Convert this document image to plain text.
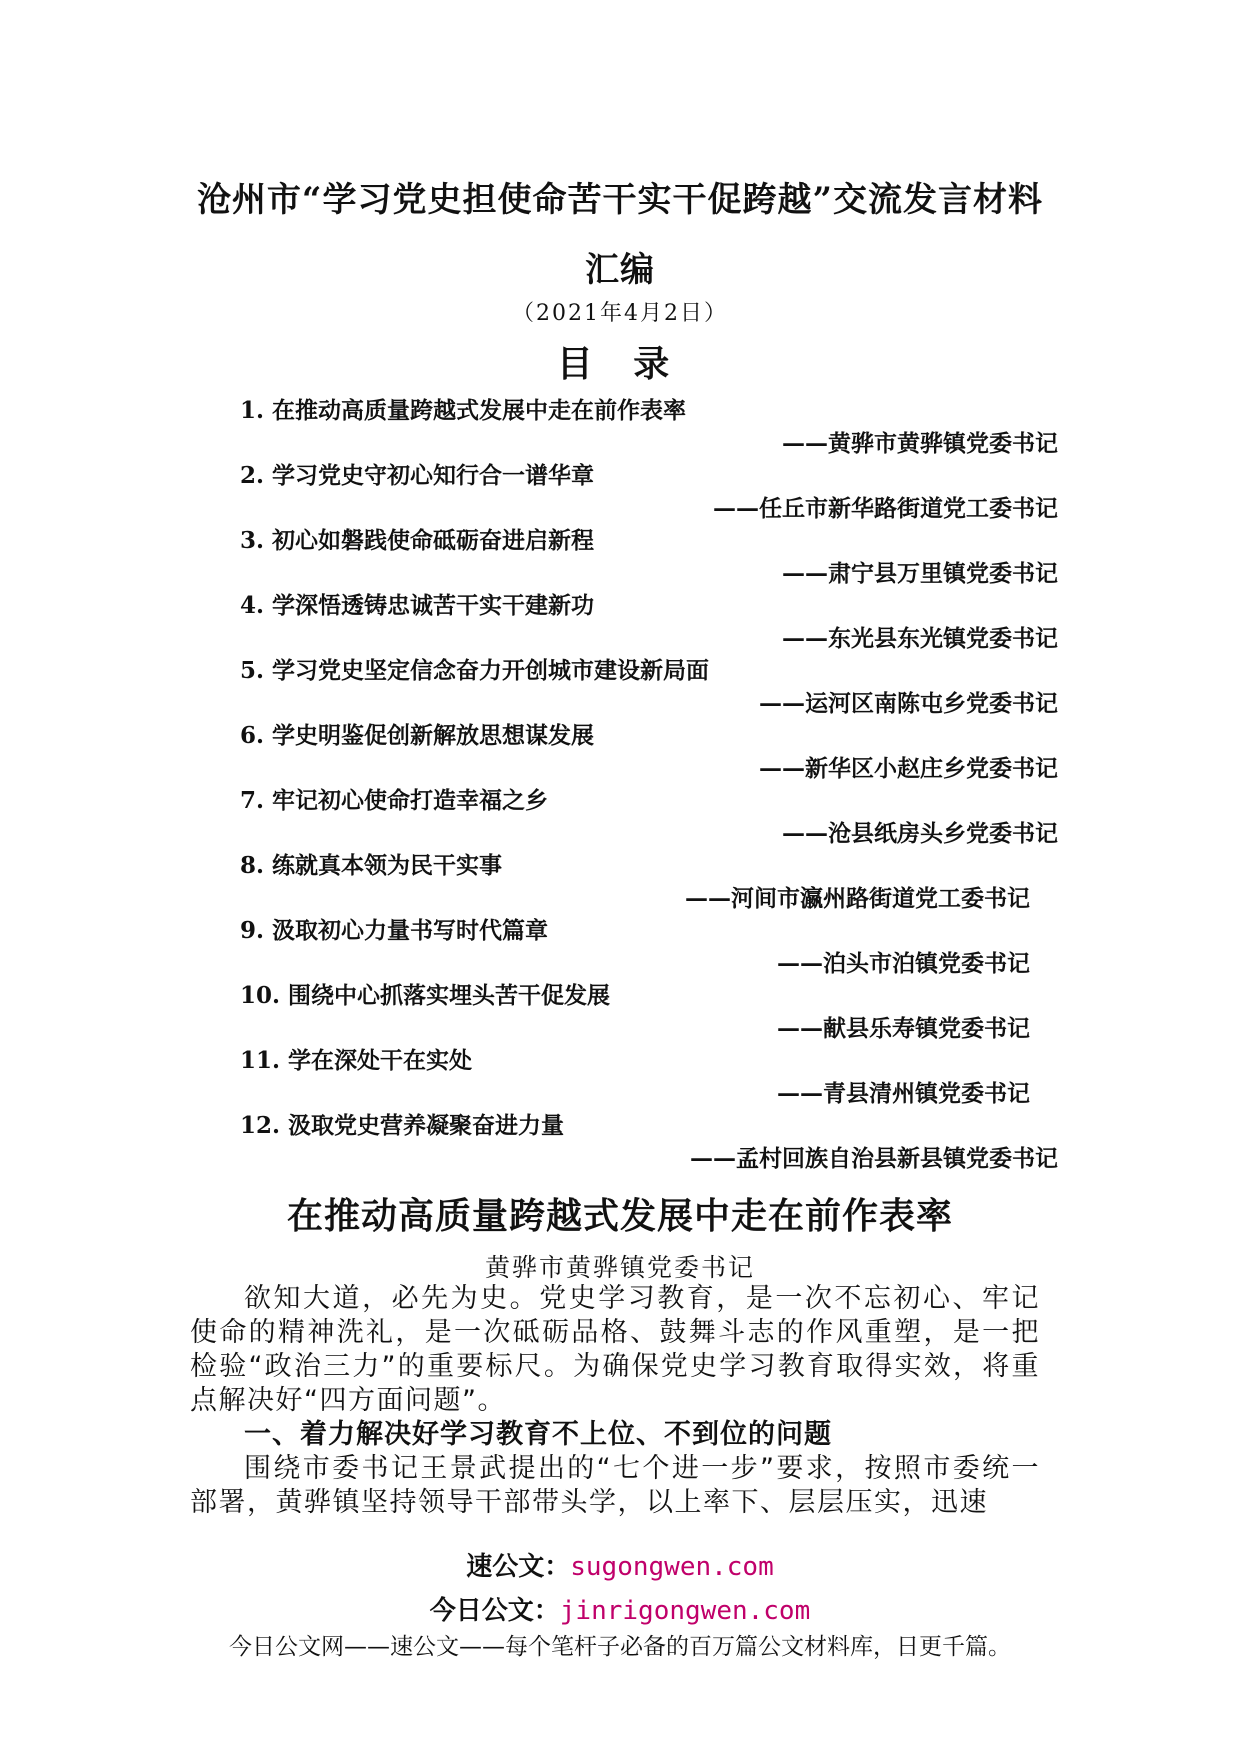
沧州市“学习党史担使命苦干实干促跨越”交流发言材料
汇编
（2021年4月2日）
目 录
1. 在推动高质量跨越式发展中走在前作表率
——黄骅市黄骅镇党委书记
2. 学习党史守初心知行合一谱华章
——任丘市新华路街道党工委书记
3. 初心如磐践使命砥砺奋进启新程
——肃宁县万里镇党委书记
4. 学深悟透铸忠诚苦干实干建新功
——东光县东光镇党委书记
5. 学习党史坚定信念奋力开创城市建设新局面
——运河区南陈屯乡党委书记
6. 学史明鉴促创新解放思想谋发展
——新华区小赵庄乡党委书记
7. 牢记初心使命打造幸福之乡
——沧县纸房头乡党委书记
8. 练就真本领为民干实事
——河间市瀛州路街道党工委书记
9. 汲取初心力量书写时代篇章
——泊头市泊镇党委书记
10. 围绕中心抓落实埋头苦干促发展
——献县乐寿镇党委书记
11. 学在深处干在实处
——青县清州镇党委书记
12. 汲取党史营养凝聚奋进力量
——孟村回族自治县新县镇党委书记
在推动高质量跨越式发展中走在前作表率
黄骅市黄骅镇党委书记

欲知大道，必先为史。党史学习教育，是一次不忘初心、牢记使命的精神洗礼，是一次砥砺品格、鼓舞斗志的作风重塑，是一把检验“政治三力”的重要标尺。为确保党史学习教育取得实效，将重点解决好“四方面问题”。

一、着力解决好学习教育不上位、不到位的问题

围绕市委书记王景武提出的“七个进一步”要求，按照市委统一部署，黄骅镇坚持领导干部带头学，以上率下、层层压实，迅速

速公文：sugongwen.com
今日公文：jinrigongwen.com
今日公文网——速公文——每个笔杆子必备的百万篇公文材料库，日更千篇。
